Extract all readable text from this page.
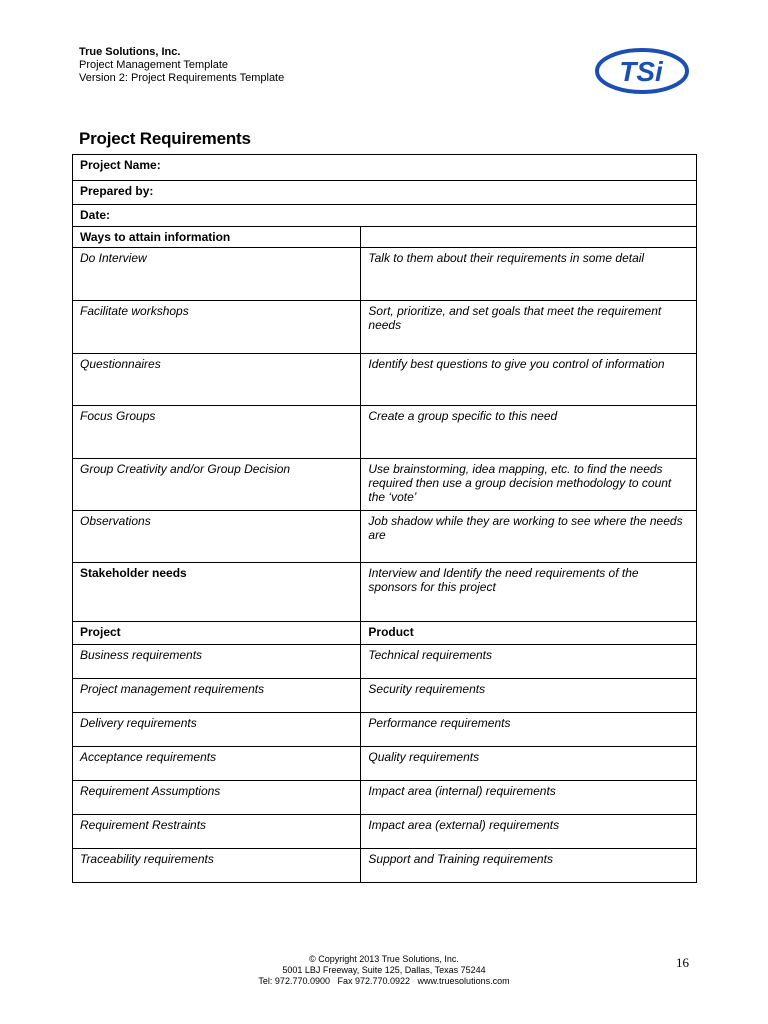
True Solutions, Inc.
Project Management Template
Version 2: Project Requirements Template	TSi
Project Requirements
Project Name:	
Prepared by:	
Date:	
Ways to attain information	
Do Interview	Talk to them about their requirements in some detail
Facilitate workshops	Sort, prioritize, and set goals that meet the requirement needs
Questionnaires	Identify best questions to give you control of information
Focus Groups	Create a group specific to this need
Group Creativity and/or Group Decision	Use brainstorming, idea mapping, etc. to find the needs required then use a group decision methodology to count the ‘vote’
Observations	Job shadow while they are working to see where the needs are
Stakeholder needs	Interview and Identify the need requirements of the sponsors for this project
Project	Product
Business requirements	Technical requirements
Project management requirements	Security requirements
Delivery requirements	Performance requirements
Acceptance requirements	Quality requirements
Requirement Assumptions	Impact area (internal) requirements
Requirement Restraints	Impact area (external) requirements
Traceability requirements	Support and Training requirements
© Copyright 2013 True Solutions, Inc.
5001 LBJ Freeway, Suite 125, Dallas, Texas 75244
Tel: 972.770.0900   Fax 972.770.0922   www.truesolutions.com
16
